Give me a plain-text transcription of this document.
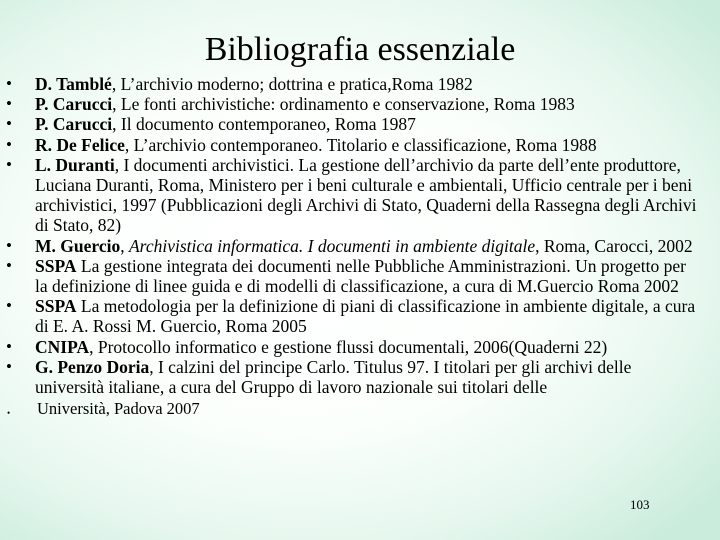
Bibliografia essenziale
• D. Tamblé, L’archivio moderno; dottrina e pratica,Roma 1982
• P. Carucci, Le fonti archivistiche: ordinamento e conservazione, Roma 1983
• P. Carucci, Il documento contemporaneo, Roma 1987
• R. De Felice, L’archivio contemporaneo. Titolario e classificazione, Roma 1988
• L. Duranti, I documenti archivistici. La gestione dell’archivio da parte dell’ente produttore, Luciana Duranti, Roma, Ministero per i beni culturale e ambientali, Ufficio centrale per i beni archivistici, 1997 (Pubblicazioni degli Archivi di Stato, Quaderni della Rassegna degli Archivi di Stato, 82)
• M. Guercio, Archivistica informatica. I documenti in ambiente digitale, Roma, Carocci, 2002
• SSPA La gestione integrata dei documenti nelle Pubbliche Amministrazioni. Un progetto per la definizione di linee guida e di modelli di classificazione, a cura di M.Guercio Roma 2002
• SSPA La metodologia per la definizione di piani di classificazione in ambiente digitale, a cura di E. A. Rossi M. Guercio, Roma 2005
• CNIPA, Protocollo informatico e gestione flussi documentali, 2006(Quaderni 22)
• G. Penzo Doria, I calzini del principe Carlo. Titulus 97. I titolari per gli archivi delle università italiane, a cura del Gruppo di lavoro nazionale sui titolari delle
• Università, Padova 2007
103
